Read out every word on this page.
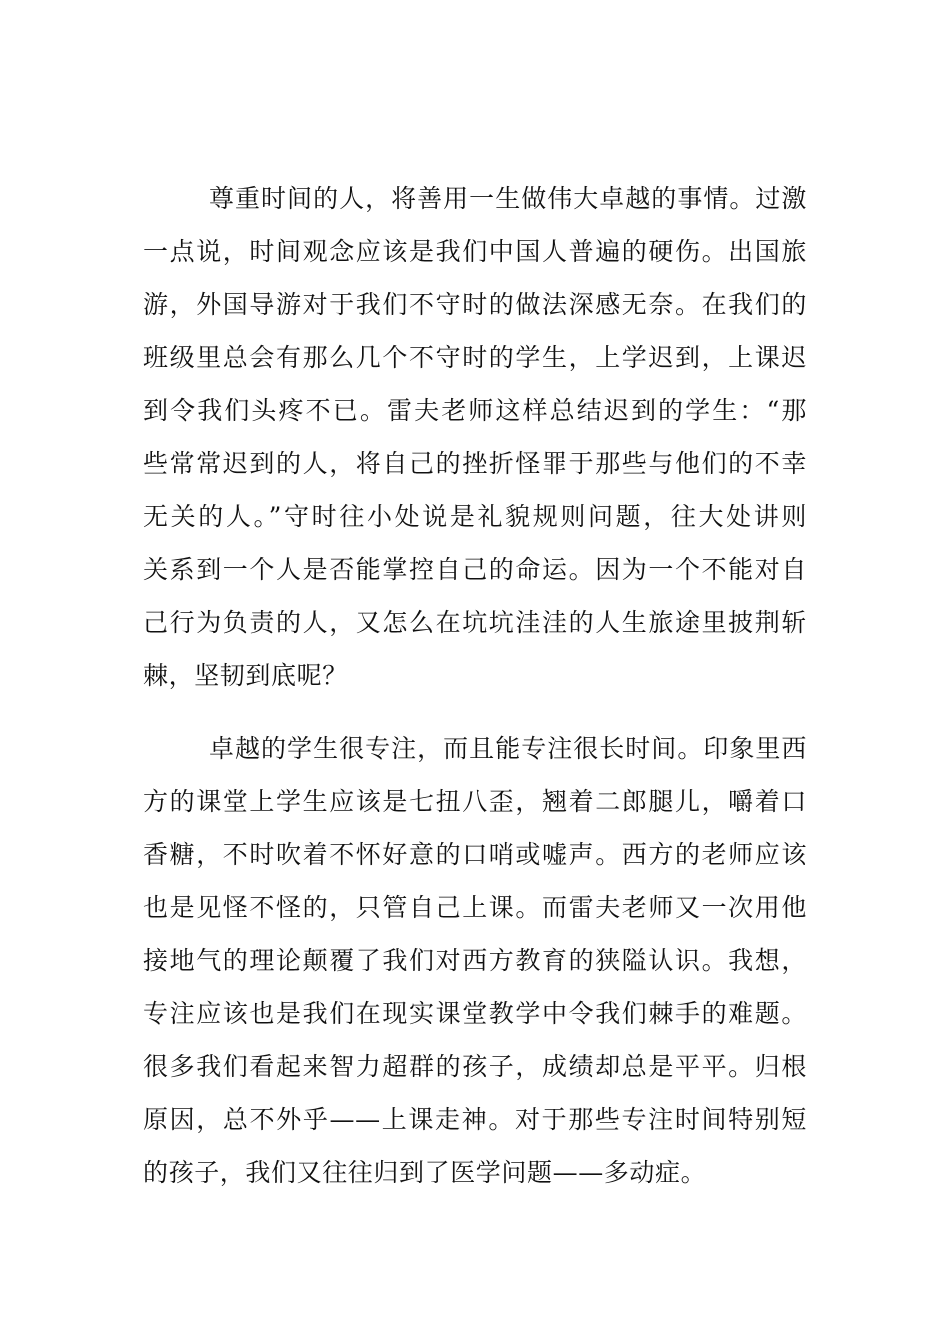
尊重时间的人，将善用一生做伟大卓越的事情。过激
一点说，时间观念应该是我们中国人普遍的硬伤。出国旅
游，外国导游对于我们不守时的做法深感无奈。在我们的
班级里总会有那么几个不守时的学生，上学迟到，上课迟
到令我们头疼不已。雷夫老师这样总结迟到的学生：“那
些常常迟到的人，将自己的挫折怪罪于那些与他们的不幸
无关的人。”守时往小处说是礼貌规则问题，往大处讲则
关系到一个人是否能掌控自己的命运。因为一个不能对自
己行为负责的人，又怎么在坑坑洼洼的人生旅途里披荆斩
棘，坚韧到底呢？

卓越的学生很专注，而且能专注很长时间。印象里西
方的课堂上学生应该是七扭八歪，翘着二郎腿儿，嚼着口
香糖，不时吹着不怀好意的口哨或嘘声。西方的老师应该
也是见怪不怪的，只管自己上课。而雷夫老师又一次用他
接地气的理论颠覆了我们对西方教育的狭隘认识。我想，
专注应该也是我们在现实课堂教学中令我们棘手的难题。
很多我们看起来智力超群的孩子，成绩却总是平平。归根
原因，总不外乎——上课走神。对于那些专注时间特别短
的孩子，我们又往往归到了医学问题——多动症。
